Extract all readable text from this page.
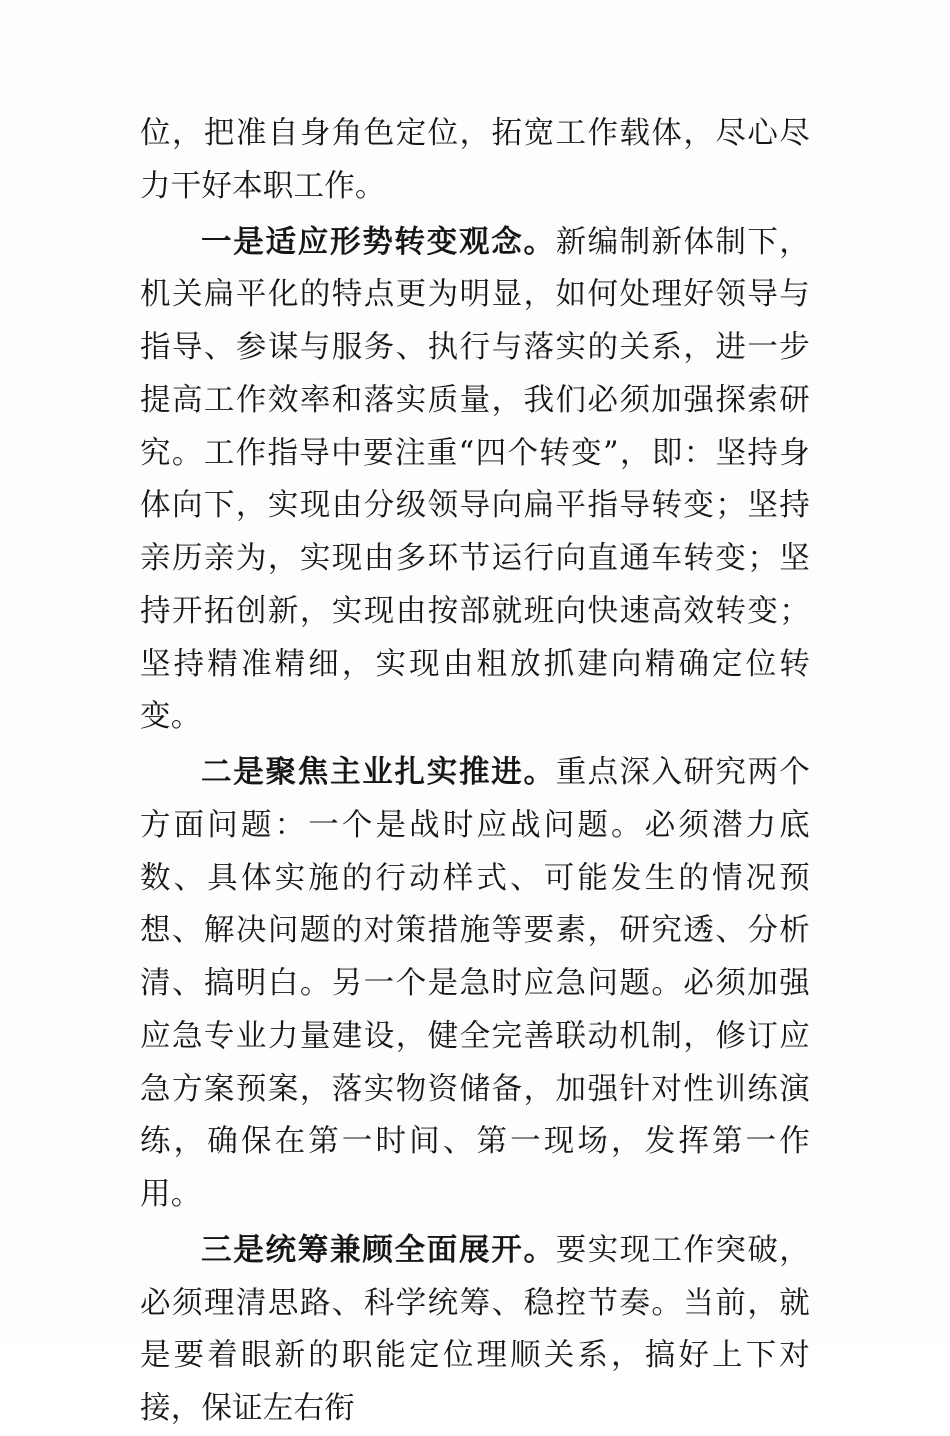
位，把准自身角色定位，拓宽工作载体，尽心尽力干好本职工作。

一是适应形势转变观念。新编制新体制下，机关扁平化的特点更为明显，如何处理好领导与指导、参谋与服务、执行与落实的关系，进一步提高工作效率和落实质量，我们必须加强探索研究。工作指导中要注重“四个转变”，即：坚持身体向下，实现由分级领导向扁平指导转变；坚持亲历亲为，实现由多环节运行向直通车转变；坚持开拓创新，实现由按部就班向快速高效转变；坚持精准精细，实现由粗放抓建向精确定位转变。

二是聚焦主业扎实推进。重点深入研究两个方面问题：一个是战时应战问题。必须潜力底数、具体实施的行动样式、可能发生的情况预想、解决问题的对策措施等要素，研究透、分析清、搞明白。另一个是急时应急问题。必须加强应急专业力量建设，健全完善联动机制，修订应急方案预案，落实物资储备，加强针对性训练演练，确保在第一时间、第一现场，发挥第一作用。

三是统筹兼顾全面展开。要实现工作突破，必须理清思路、科学统筹、稳控节奏。当前，就是要着眼新的职能定位理顺关系，搞好上下对接，保证左右衔
